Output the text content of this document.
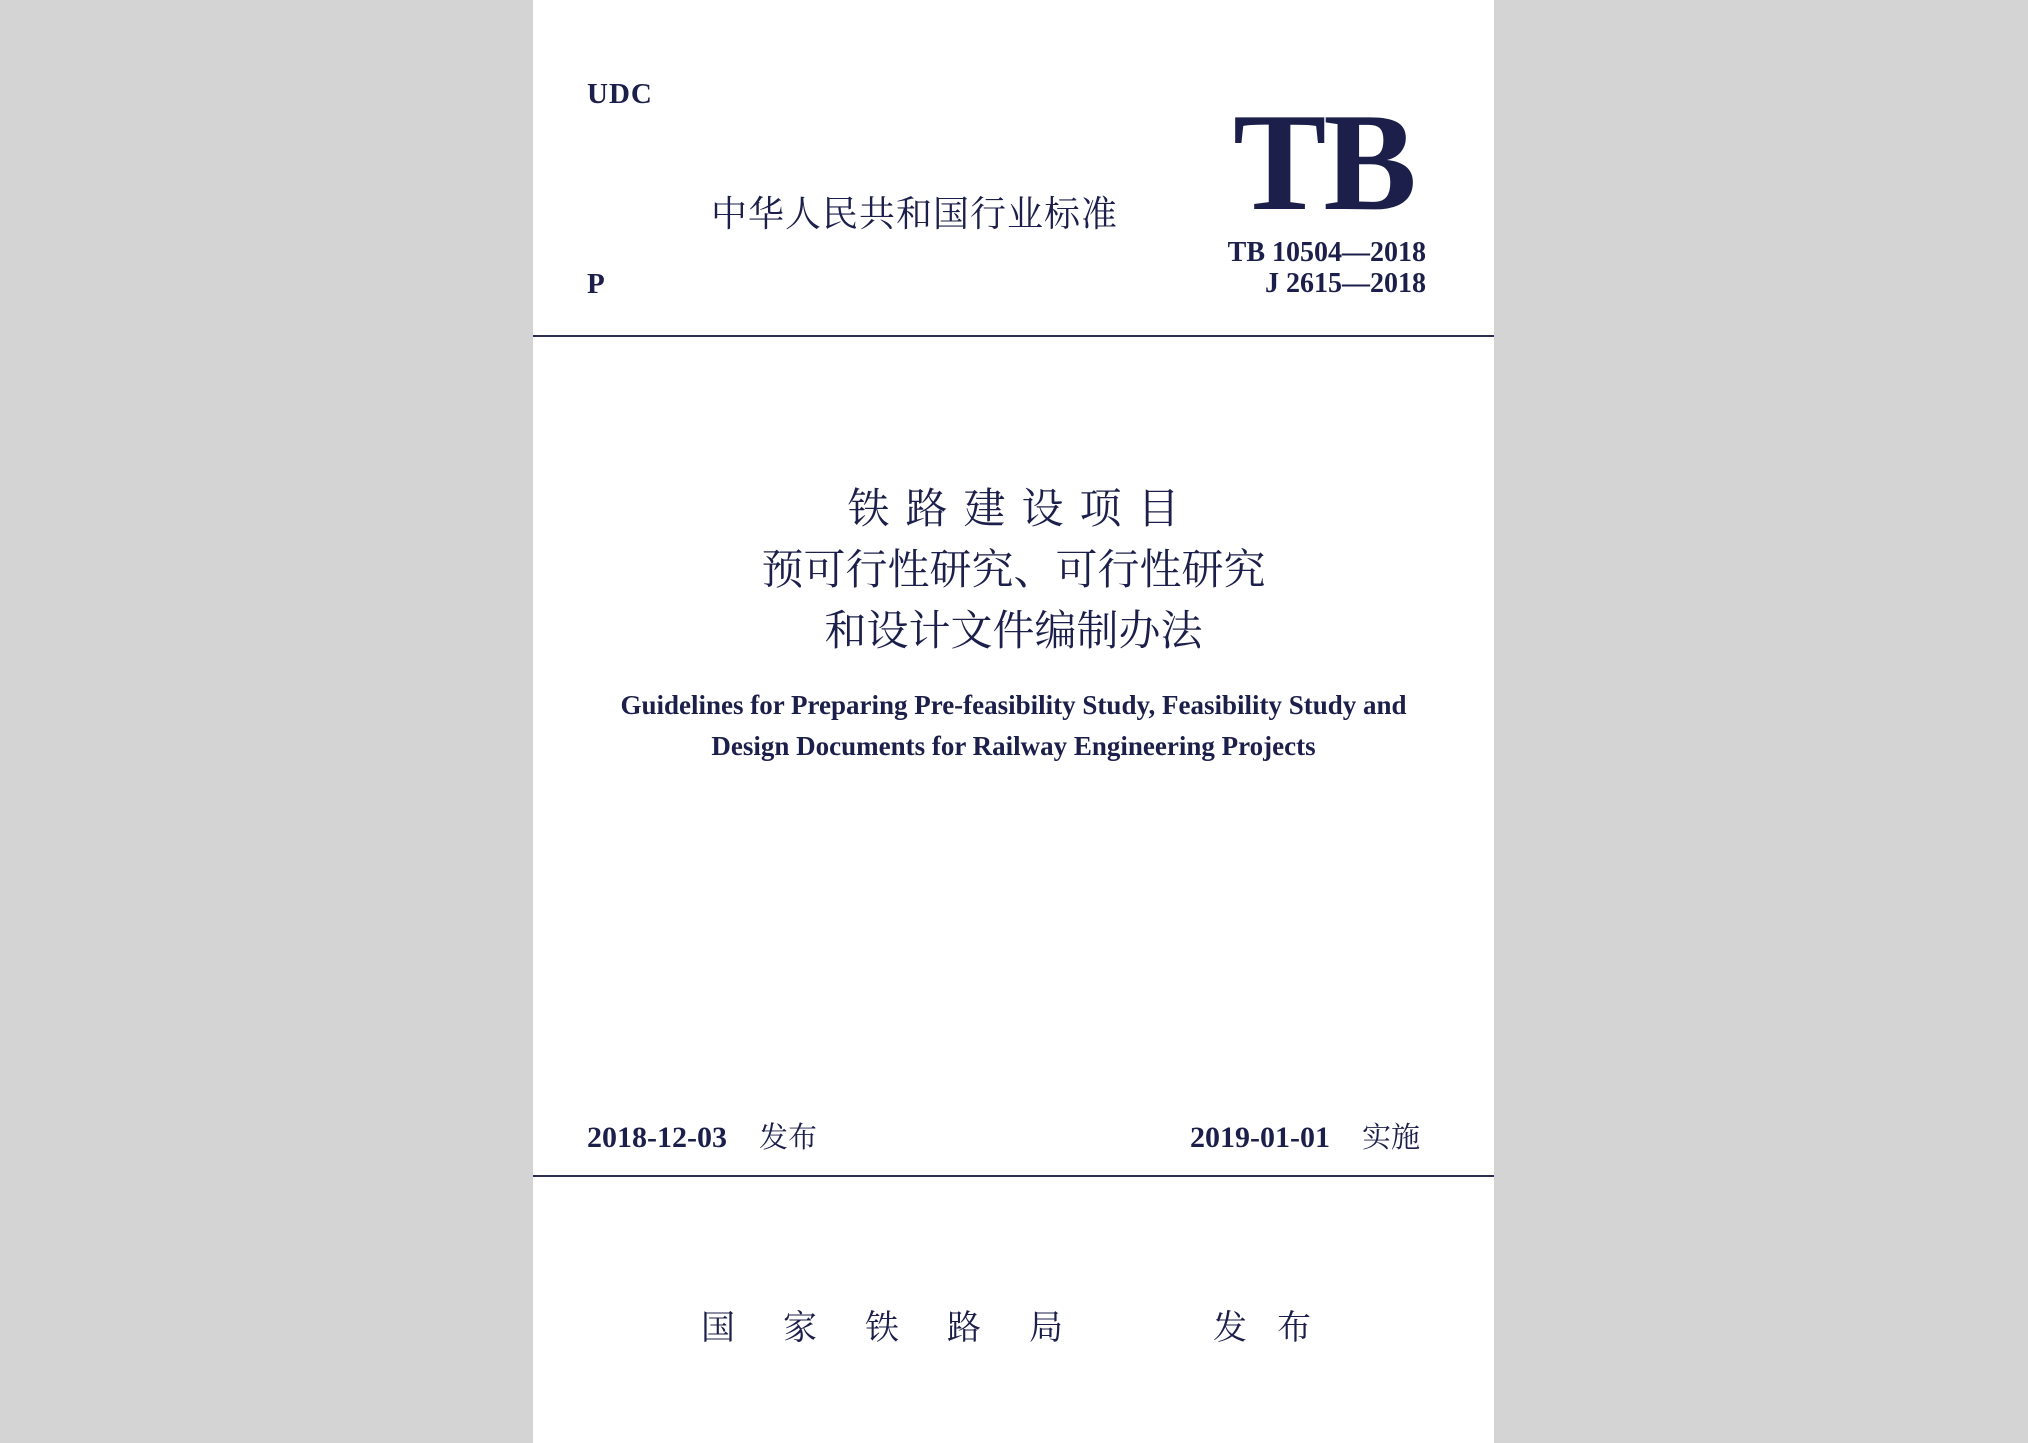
UDC
中华人民共和国行业标准 TB
P
TB 10504—2018
J 2615—2018
铁路建设项目
预可行性研究、可行性研究
和设计文件编制办法
Guidelines for Preparing Pre-feasibility Study, Feasibility Study and
Design Documents for Railway Engineering Projects
2018-12-03 发布	2019-01-01 实施
国家铁路局	发布
